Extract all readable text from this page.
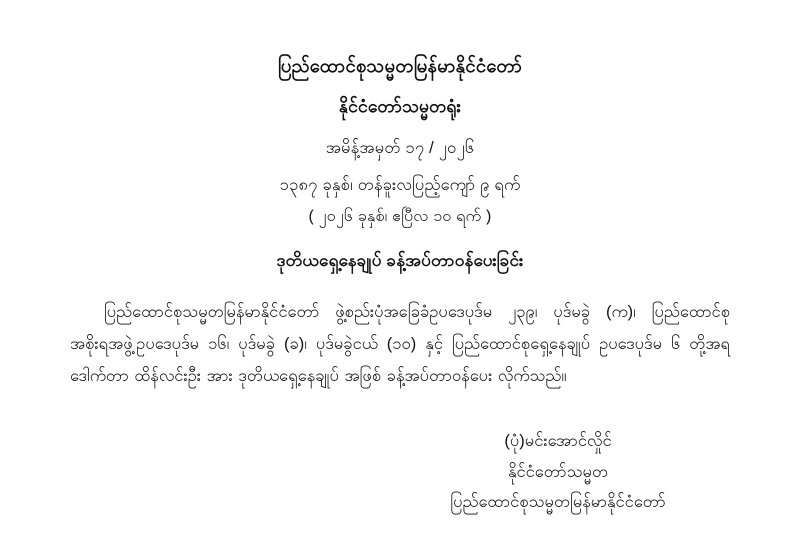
ပြည်ထောင်စုသမ္မတမြန်မာနိုင်ငံတော်
နိုင်ငံတော်သမ္မတရုံး
အမိန့်အမှတ် ၁၇ / ၂၀၂၆
၁၃၈၇ ခုနှစ်၊ တန်ခူးလပြည့်ကျော် ၉ ရက်
( ၂၀၂၆ ခုနှစ်၊ ဧပြီလ ၁၀ ရက် )
ဒုတိယရှေ့နေချုပ် ခန့်အပ်တာဝန်ပေးခြင်း

ပြည်ထောင်စုသမ္မတမြန်မာနိုင်ငံတော် ဖွဲ့စည်းပုံအခြေခံဥပဒေပုဒ်မ ၂၃၉၊ ပုဒ်မခွဲ (က)၊ ပြည်ထောင်စုအစိုးရအဖွဲ့ဥပဒေပုဒ်မ ၁၆၊ ပုဒ်မခွဲ (ခ)၊ ပုဒ်မခွဲငယ် (၁၀) နှင့် ပြည်ထောင်စုရှေ့နေချုပ် ဥပဒေပုဒ်မ ၆ တို့အရ ဒေါက်တာ ထိန်လင်းဦး အား ဒုတိယရှေ့နေချုပ် အဖြစ် ခန့်အပ်တာဝန်ပေး လိုက်သည်။

(ပုံ)မင်းအောင်လှိုင်
နိုင်ငံတော်သမ္မတ
ပြည်ထောင်စုသမ္မတမြန်မာနိုင်ငံတော်
